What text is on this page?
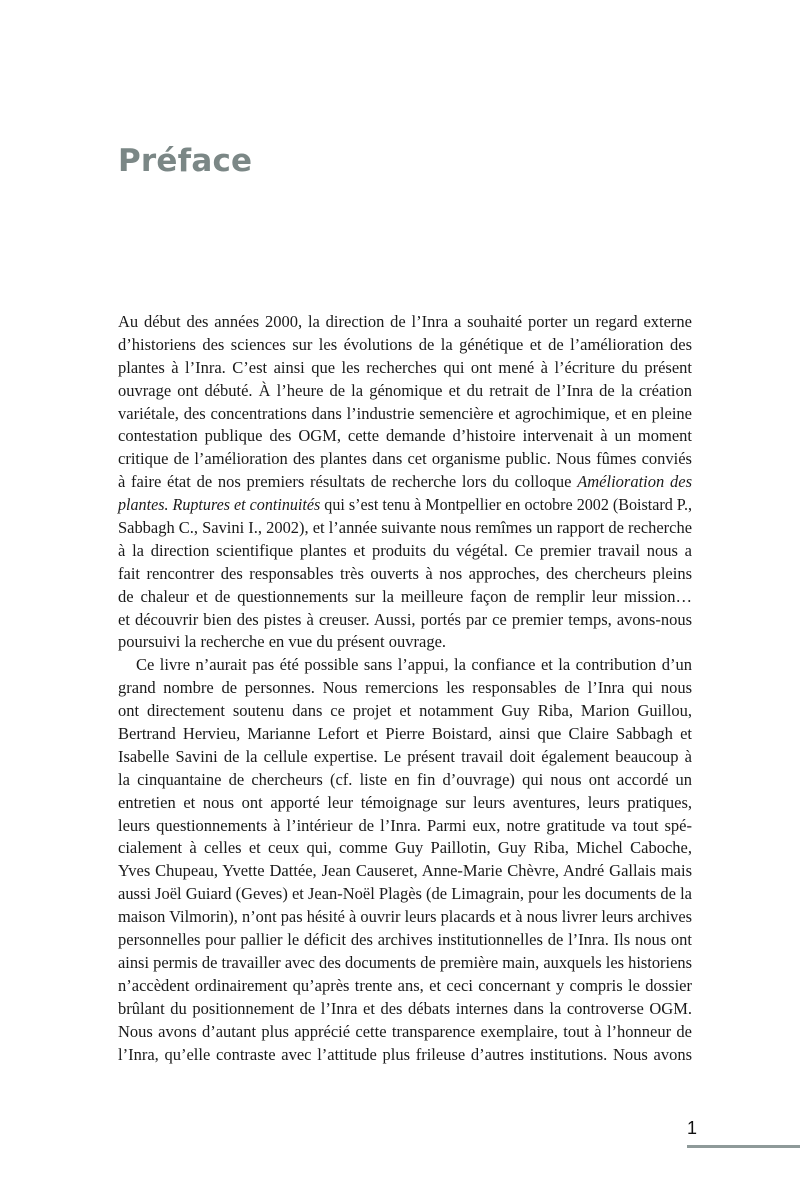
Préface
Au début des années 2000, la direction de l’Inra a souhaité porter un regard externe
d’historiens des sciences sur les évolutions de la génétique et de l’amélioration des
plantes à l’Inra. C’est ainsi que les recherches qui ont mené à l’écriture du présent
ouvrage ont débuté. À l’heure de la génomique et du retrait de l’Inra de la création
variétale, des concentrations dans l’industrie semencière et agrochimique, et en pleine
contestation publique des OGM, cette demande d’histoire intervenait à un moment
critique de l’amélioration des plantes dans cet organisme public. Nous fûmes conviés
à faire état de nos premiers résultats de recherche lors du colloque Amélioration des
plantes. Ruptures et continuités qui s’est tenu à Montpellier en octobre 2002 (Boistard P.,
Sabbagh C., Savini I., 2002), et l’année suivante nous remîmes un rapport de recherche
à la direction scientifique plantes et produits du végétal. Ce premier travail nous a
fait rencontrer des responsables très ouverts à nos approches, des chercheurs pleins
de chaleur et de questionnements sur la meilleure façon de remplir leur mission…
et découvrir bien des pistes à creuser. Aussi, portés par ce premier temps, avons-nous
poursuivi la recherche en vue du présent ouvrage.
Ce livre n’aurait pas été possible sans l’appui, la confiance et la contribution d’un
grand nombre de personnes. Nous remercions les responsables de l’Inra qui nous
ont directement soutenu dans ce projet et notamment Guy Riba, Marion Guillou,
Bertrand Hervieu, Marianne Lefort et Pierre Boistard, ainsi que Claire Sabbagh et
Isabelle Savini de la cellule expertise. Le présent travail doit également beaucoup à
la cinquantaine de chercheurs (cf. liste en fin d’ouvrage) qui nous ont accordé un
entretien et nous ont apporté leur témoignage sur leurs aventures, leurs pratiques,
leurs questionnements à l’intérieur de l’Inra. Parmi eux, notre gratitude va tout spé-
cialement à celles et ceux qui, comme Guy Paillotin, Guy Riba, Michel Caboche,
Yves Chupeau, Yvette Dattée, Jean Causeret, Anne-Marie Chèvre, André Gallais mais
aussi Joël Guiard (Geves) et Jean-Noël Plagès (de Limagrain, pour les documents de la
maison Vilmorin), n’ont pas hésité à ouvrir leurs placards et à nous livrer leurs archives
personnelles pour pallier le déficit des archives institutionnelles de l’Inra. Ils nous ont
ainsi permis de travailler avec des documents de première main, auxquels les historiens
n’accèdent ordinairement qu’après trente ans, et ceci concernant y compris le dossier
brûlant du positionnement de l’Inra et des débats internes dans la controverse OGM.
Nous avons d’autant plus apprécié cette transparence exemplaire, tout à l’honneur de
l’Inra, qu’elle contraste avec l’attitude plus frileuse d’autres institutions. Nous avons
1
